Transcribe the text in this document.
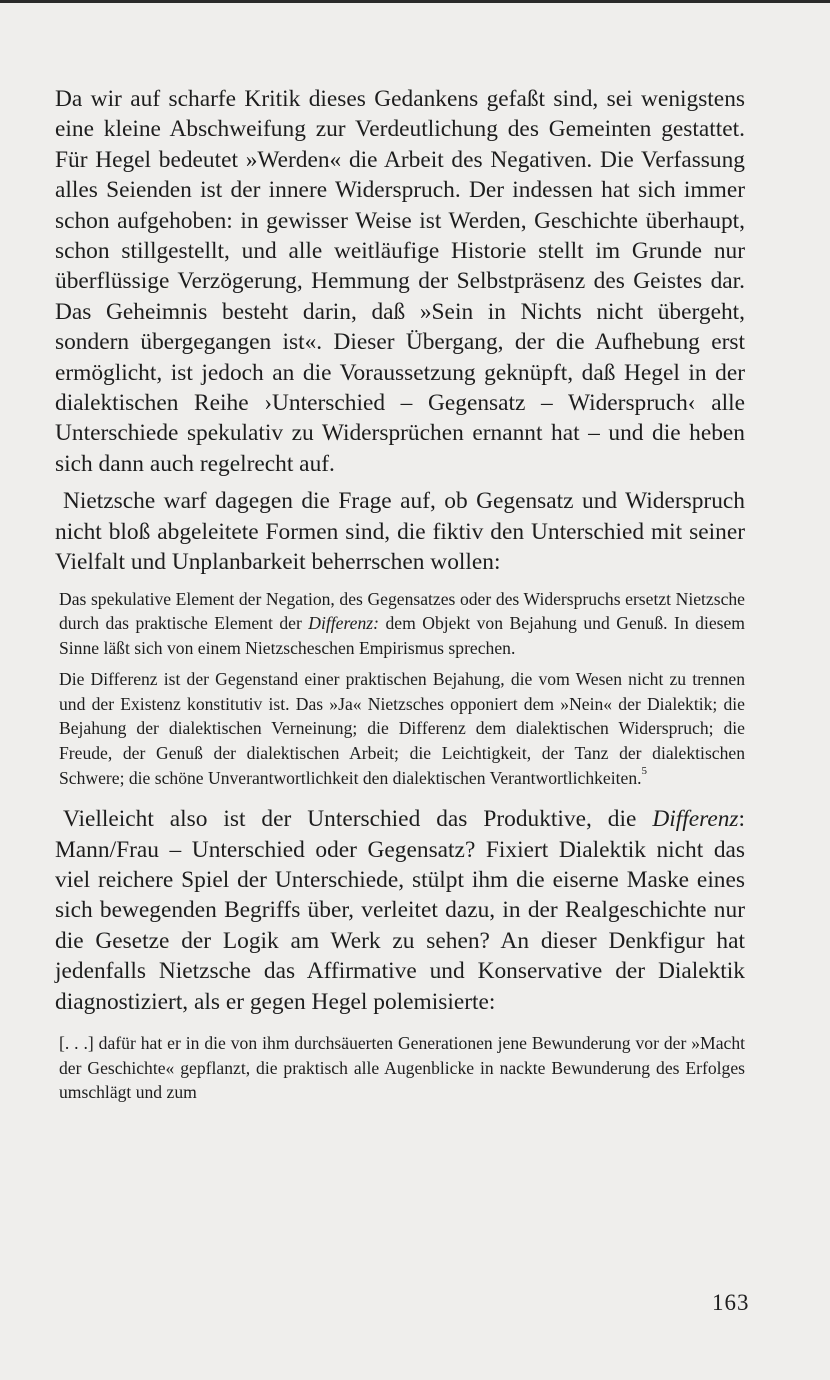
Da wir auf scharfe Kritik dieses Gedankens gefaßt sind, sei wenigstens eine kleine Abschweifung zur Verdeutlichung des Gemeinten gestattet. Für Hegel bedeutet »Werden« die Arbeit des Negativen. Die Verfassung alles Seienden ist der innere Widerspruch. Der indessen hat sich immer schon aufgehoben: in gewisser Weise ist Werden, Geschichte überhaupt, schon stillgestellt, und alle weitläufige Historie stellt im Grunde nur überflüssige Verzögerung, Hemmung der Selbstpräsenz des Geistes dar. Das Geheimnis besteht darin, daß »Sein in Nichts nicht übergeht, sondern übergegangen ist«. Dieser Übergang, der die Aufhebung erst ermöglicht, ist jedoch an die Voraussetzung geknüpft, daß Hegel in der dialektischen Reihe ›Unterschied – Gegensatz – Widerspruch‹ alle Unterschiede spekulativ zu Widersprüchen ernannt hat – und die heben sich dann auch regelrecht auf.

Nietzsche warf dagegen die Frage auf, ob Gegensatz und Widerspruch nicht bloß abgeleitete Formen sind, die fiktiv den Unterschied mit seiner Vielfalt und Unplanbarkeit beherrschen wollen:

Das spekulative Element der Negation, des Gegensatzes oder des Widerspruchs ersetzt Nietzsche durch das praktische Element der Differenz: dem Objekt von Bejahung und Genuß. In diesem Sinne läßt sich von einem Nietzscheschen Empirismus sprechen.

Die Differenz ist der Gegenstand einer praktischen Bejahung, die vom Wesen nicht zu trennen und der Existenz konstitutiv ist. Das »Ja« Nietzsches opponiert dem »Nein« der Dialektik; die Bejahung der dialektischen Verneinung; die Differenz dem dialektischen Widerspruch; die Freude, der Genuß der dialektischen Arbeit; die Leichtigkeit, der Tanz der dialektischen Schwere; die schöne Unverantwortlichkeit den dialektischen Verantwortlichkeiten.$^5$

Vielleicht also ist der Unterschied das Produktive, die Differenz: Mann/Frau – Unterschied oder Gegensatz? Fixiert Dialektik nicht das viel reichere Spiel der Unterschiede, stülpt ihm die eiserne Maske eines sich bewegenden Begriffs über, verleitet dazu, in der Realgeschichte nur die Gesetze der Logik am Werk zu sehen? An dieser Denkfigur hat jedenfalls Nietzsche das Affirmative und Konservative der Dialektik diagnostiziert, als er gegen Hegel polemisierte:

[. . .] dafür hat er in die von ihm durchsäuerten Generationen jene Bewunderung vor der »Macht der Geschichte« gepflanzt, die praktisch alle Augenblicke in nackte Bewunderung des Erfolges umschlägt und zum

163
